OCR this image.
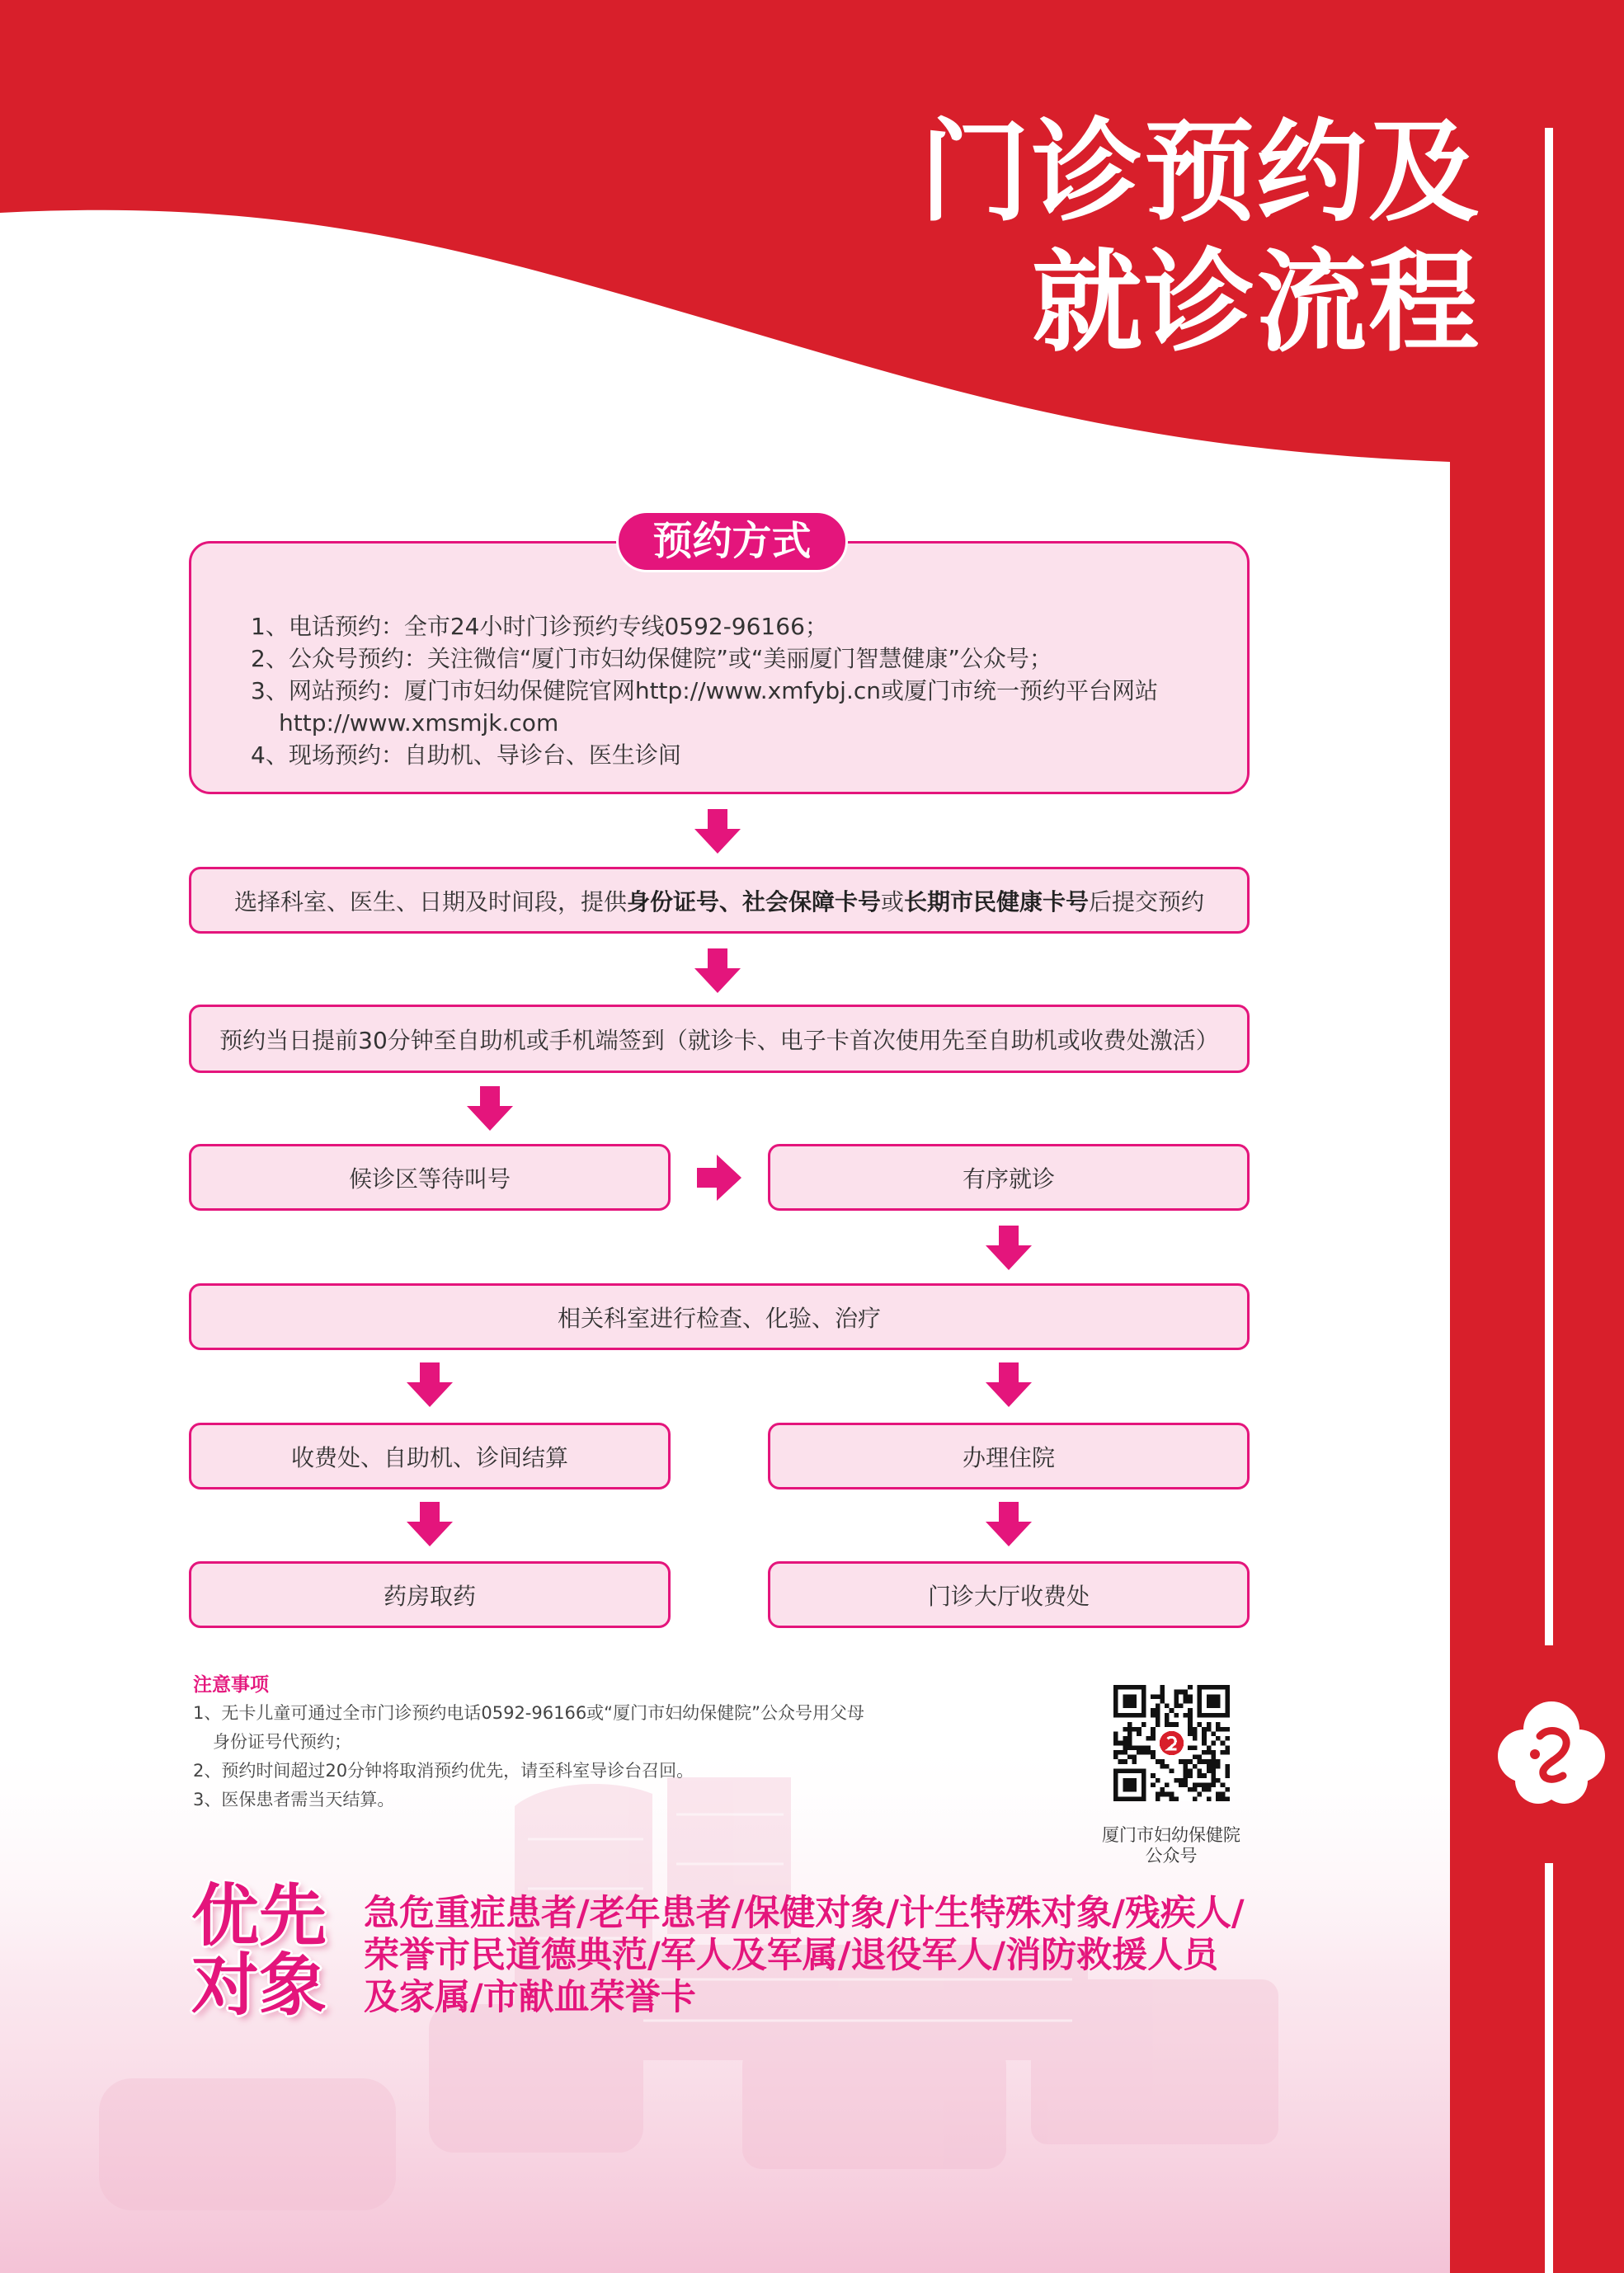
门诊预约及
就诊流程
预约方式
1、电话预约：全市24小时门诊预约专线0592-96166；
2、公众号预约：关注微信“厦门市妇幼保健院”或“美丽厦门智慧健康”公众号；
3、网站预约：厦门市妇幼保健院官网http://www.xmfybj.cn或厦门市统一预约平台网站
http://www.xmsmjk.com
4、现场预约：自助机、导诊台、医生诊间
选择科室、医生、日期及时间段，提供身份证号、社会保障卡号或长期市民健康卡号后提交预约
预约当日提前30分钟至自助机或手机端签到（就诊卡、电子卡首次使用先至自助机或收费处激活）
候诊区等待叫号	有序就诊
相关科室进行检查、化验、治疗
收费处、自助机、诊间结算	办理住院
药房取药	门诊大厅收费处
注意事项
1、无卡儿童可通过全市门诊预约电话0592-96166或“厦门市妇幼保健院”公众号用父母
身份证号代预约；
2、预约时间超过20分钟将取消预约优先，请至科室导诊台召回。
3、医保患者需当天结算。
厦门市妇幼保健院
公众号
优先
对象
急危重症患者/老年患者/保健对象/计生特殊对象/残疾人/
荣誉市民道德典范/军人及军属/退役军人/消防救援人员
及家属/市献血荣誉卡
